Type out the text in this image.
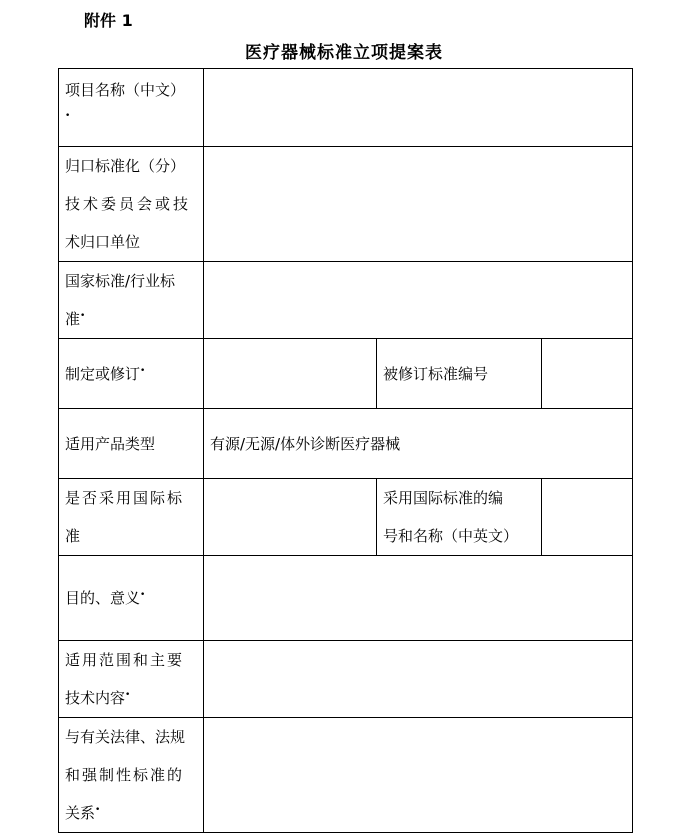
附件 1
医疗器械标准立项提案表
项目名称（中文）
•

归口标准化（分）
技术委员会或技
术归口单位			

国家标准/行业标
准•

制定或修订•		被修订标准编号	
适用产品类型	有源/无源/体外诊断医疗器械		

是否采用国际标
准		采用国际标准的编
号和名称（中英文）	

目的、意义•	

适用范围和主要
技术内容•

与有关法律、法规
和强制性标准的
关系•
